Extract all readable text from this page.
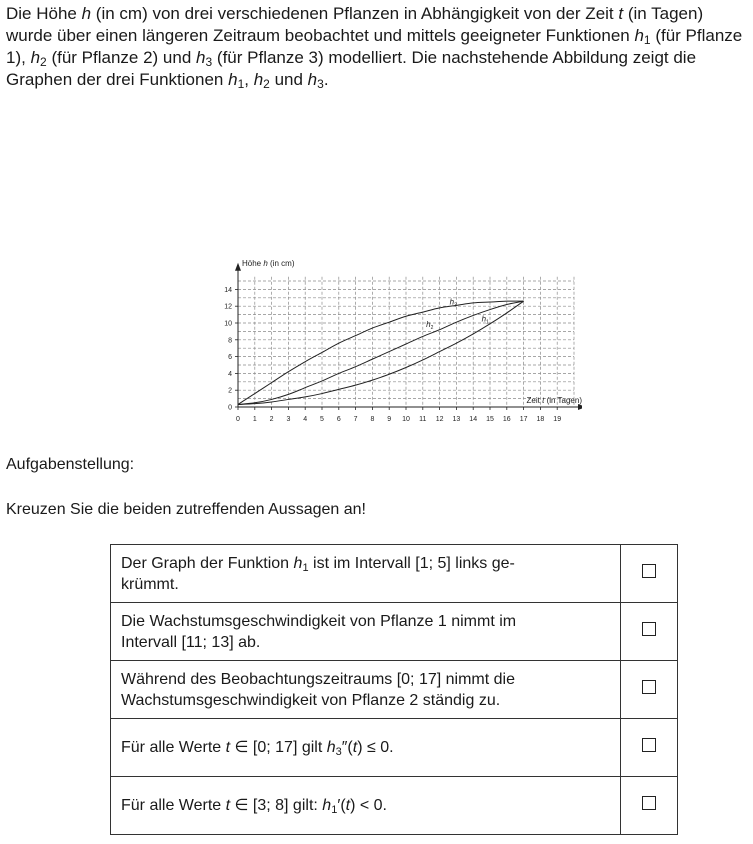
Die Höhe h (in cm) von drei verschiedenen Pflanzen in Abhängigkeit von der Zeit t (in Tagen) wurde über einen längeren Zeitraum beobachtet und mittels geeigneter Funktionen $h_1$ (für Pflanze 1), $h_2$ (für Pflanze 2) und $h_3$ (für Pflanze 3) modelliert. Die nachstehende Abbildung zeigt die Graphen der drei Funktionen $h_1$, $h_2$ und $h_3$.

0 1 2 3 4 5 6 7 8 9 10 11 12 13 14 15 16 17 18 19
0
2
4
6
8
10
12
14
Höhe h (in cm)
Zeit t (in Tagen)
$h_1$
$h_2$
$h_3$
Aufgabenstellung:

Kreuzen Sie die beiden zutreffenden Aussagen an!

Der Graph der Funktion $h_1$ ist im Intervall [1; 5] links ge-
krümmt.	
Die Wachstumsgeschwindigkeit von Pflanze 1 nimmt im
Intervall [11; 13] ab.	
Während des Beobachtungszeitraums [0; 17] nimmt die
Wachstumsgeschwindigkeit von Pflanze 2 ständig zu.	
Für alle Werte t ∈ [0; 17] gilt $h_3''(t) \le 0$.	
Für alle Werte t ∈ [3; 8] gilt: $h_1'(t) < 0$.	
